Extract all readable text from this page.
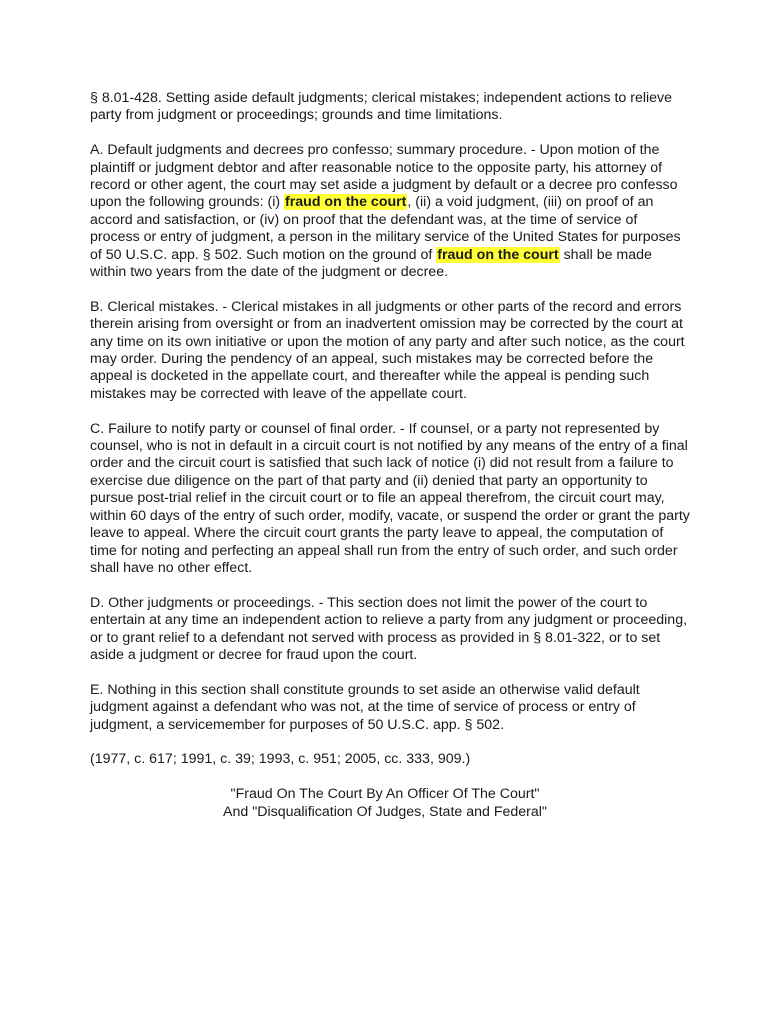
§ 8.01-428. Setting aside default judgments; clerical mistakes; independent actions to relieve party from judgment or proceedings; grounds and time limitations.

A. Default judgments and decrees pro confesso; summary procedure. - Upon motion of the plaintiff or judgment debtor and after reasonable notice to the opposite party, his attorney of record or other agent, the court may set aside a judgment by default or a decree pro confesso upon the following grounds: (i) fraud on the court, (ii) a void judgment, (iii) on proof of an accord and satisfaction, or (iv) on proof that the defendant was, at the time of service of process or entry of judgment, a person in the military service of the United States for purposes of 50 U.S.C. app. § 502. Such motion on the ground of fraud on the court shall be made within two years from the date of the judgment or decree.

B. Clerical mistakes. - Clerical mistakes in all judgments or other parts of the record and errors therein arising from oversight or from an inadvertent omission may be corrected by the court at any time on its own initiative or upon the motion of any party and after such notice, as the court may order. During the pendency of an appeal, such mistakes may be corrected before the appeal is docketed in the appellate court, and thereafter while the appeal is pending such mistakes may be corrected with leave of the appellate court.

C. Failure to notify party or counsel of final order. - If counsel, or a party not represented by counsel, who is not in default in a circuit court is not notified by any means of the entry of a final order and the circuit court is satisfied that such lack of notice (i) did not result from a failure to exercise due diligence on the part of that party and (ii) denied that party an opportunity to pursue post-trial relief in the circuit court or to file an appeal therefrom, the circuit court may, within 60 days of the entry of such order, modify, vacate, or suspend the order or grant the party leave to appeal. Where the circuit court grants the party leave to appeal, the computation of time for noting and perfecting an appeal shall run from the entry of such order, and such order shall have no other effect.

D. Other judgments or proceedings. - This section does not limit the power of the court to entertain at any time an independent action to relieve a party from any judgment or proceeding, or to grant relief to a defendant not served with process as provided in § 8.01-322, or to set aside a judgment or decree for fraud upon the court.

E. Nothing in this section shall constitute grounds to set aside an otherwise valid default judgment against a defendant who was not, at the time of service of process or entry of judgment, a servicemember for purposes of 50 U.S.C. app. § 502.

(1977, c. 617; 1991, c. 39; 1993, c. 951; 2005, cc. 333, 909.)

"Fraud On The Court By An Officer Of The Court"
And "Disqualification Of Judges, State and Federal"
